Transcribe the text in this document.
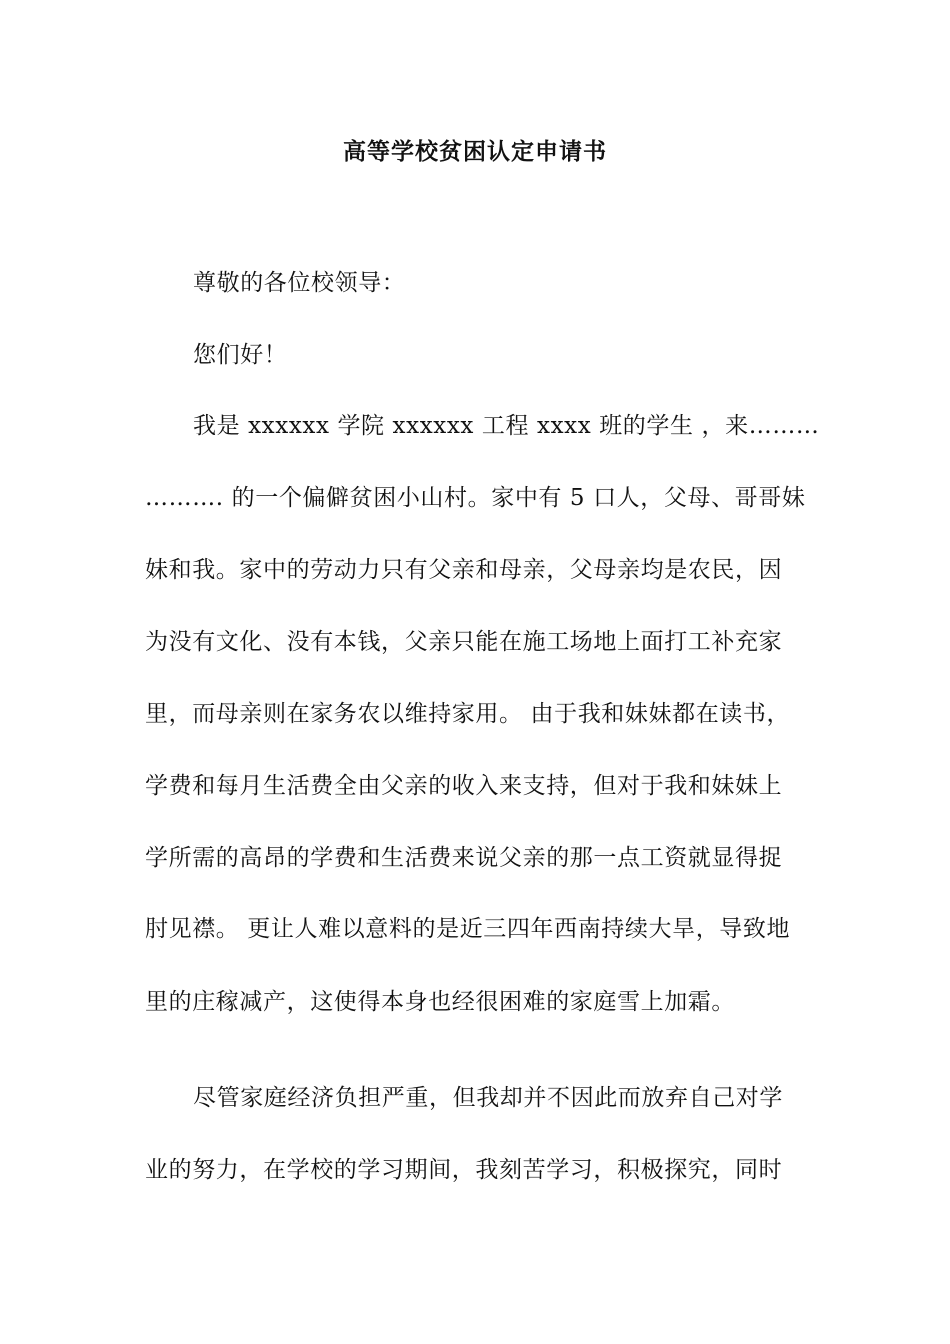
高等学校贫困认定申请书
尊敬的各位校领导：
您们好！
我是 xxxxxx 学院 xxxxxx 工程 xxxx 班的学生 ，来………
………. 的一个偏僻贫困小山村。家中有 5 口人，父母、哥哥妹
妹和我。家中的劳动力只有父亲和母亲，父母亲均是农民，因
为没有文化、没有本钱，父亲只能在施工场地上面打工补充家
里，而母亲则在家务农以维持家用。 由于我和妹妹都在读书，
学费和每月生活费全由父亲的收入来支持，但对于我和妹妹上
学所需的高昂的学费和生活费来说父亲的那一点工资就显得捉
肘见襟。 更让人难以意料的是近三四年西南持续大旱，导致地
里的庄稼减产，这使得本身也经很困难的家庭雪上加霜。
尽管家庭经济负担严重，但我却并不因此而放弃自己对学
业的努力，在学校的学习期间，我刻苦学习，积极探究，同时
